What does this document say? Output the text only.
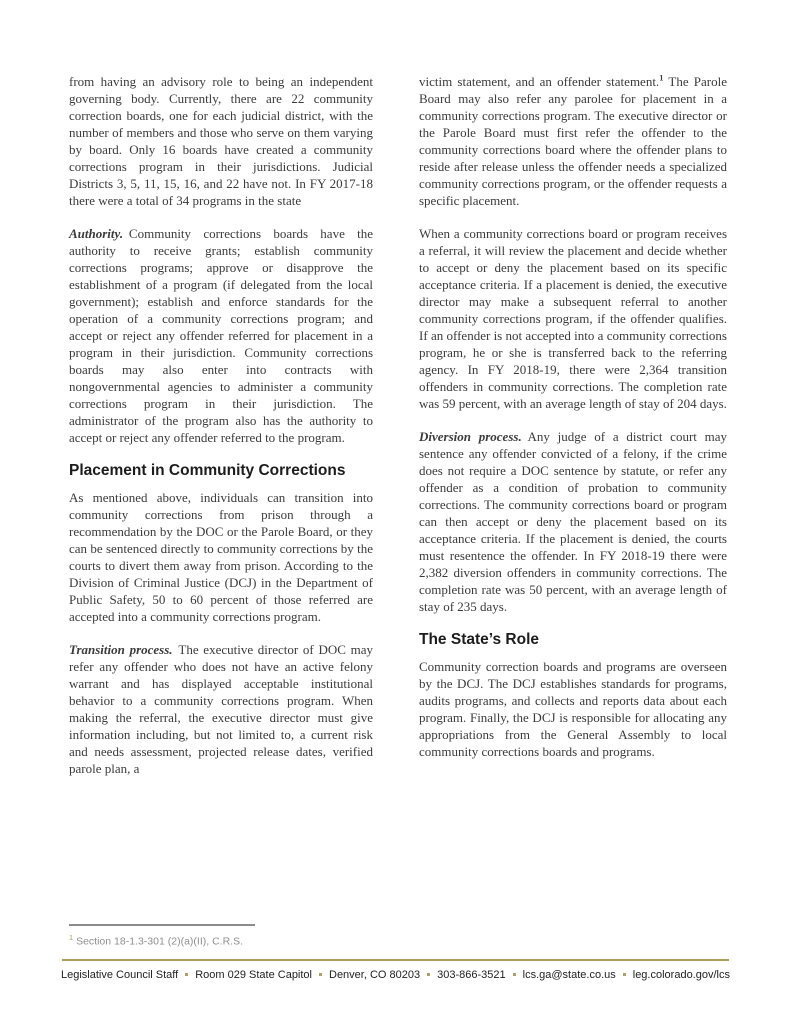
from having an advisory role to being an independent governing body. Currently, there are 22 community correction boards, one for each judicial district, with the number of members and those who serve on them varying by board. Only 16 boards have created a community corrections program in their jurisdictions. Judicial Districts 3, 5, 11, 15, 16, and 22 have not. In FY 2017-18 there were a total of 34 programs in the state

Authority. Community corrections boards have the authority to receive grants; establish community corrections programs; approve or disapprove the establishment of a program (if delegated from the local government); establish and enforce standards for the operation of a community corrections program; and accept or reject any offender referred for placement in a program in their jurisdiction. Community corrections boards may also enter into contracts with nongovernmental agencies to administer a community corrections program in their jurisdiction. The administrator of the program also has the authority to accept or reject any offender referred to the program.

Placement in Community Corrections

As mentioned above, individuals can transition into community corrections from prison through a recommendation by the DOC or the Parole Board, or they can be sentenced directly to community corrections by the courts to divert them away from prison. According to the Division of Criminal Justice (DCJ) in the Department of Public Safety, 50 to 60 percent of those referred are accepted into a community corrections program.

Transition process. The executive director of DOC may refer any offender who does not have an active felony warrant and has displayed acceptable institutional behavior to a community corrections program. When making the referral, the executive director must give information including, but not limited to, a current risk and needs assessment, projected release dates, verified parole plan, a

victim statement, and an offender statement.$^1$ The Parole Board may also refer any parolee for placement in a community corrections program. The executive director or the Parole Board must first refer the offender to the community corrections board where the offender plans to reside after release unless the offender needs a specialized community corrections program, or the offender requests a specific placement.

When a community corrections board or program receives a referral, it will review the placement and decide whether to accept or deny the placement based on its specific acceptance criteria. If a placement is denied, the executive director may make a subsequent referral to another community corrections program, if the offender qualifies. If an offender is not accepted into a community corrections program, he or she is transferred back to the referring agency. In FY 2018-19, there were 2,364 transition offenders in community corrections. The completion rate was 59 percent, with an average length of stay of 204 days.

Diversion process. Any judge of a district court may sentence any offender convicted of a felony, if the crime does not require a DOC sentence by statute, or refer any offender as a condition of probation to community corrections. The community corrections board or program can then accept or deny the placement based on its acceptance criteria. If the placement is denied, the courts must resentence the offender. In FY 2018-19 there were 2,382 diversion offenders in community corrections. The completion rate was 50 percent, with an average length of stay of 235 days.

The State’s Role

Community correction boards and programs are overseen by the DCJ. The DCJ establishes standards for programs, audits programs, and collects and reports data about each program. Finally, the DCJ is responsible for allocating any appropriations from the General Assembly to local community corrections boards and programs.

$^1$ Section 18-1.3-301 (2)(a)(II), C.R.S.
Legislative Council Staff Room 029 State Capitol Denver, CO 80203 303-866-3521 lcs.ga@state.co.us leg.colorado.gov/lcs
